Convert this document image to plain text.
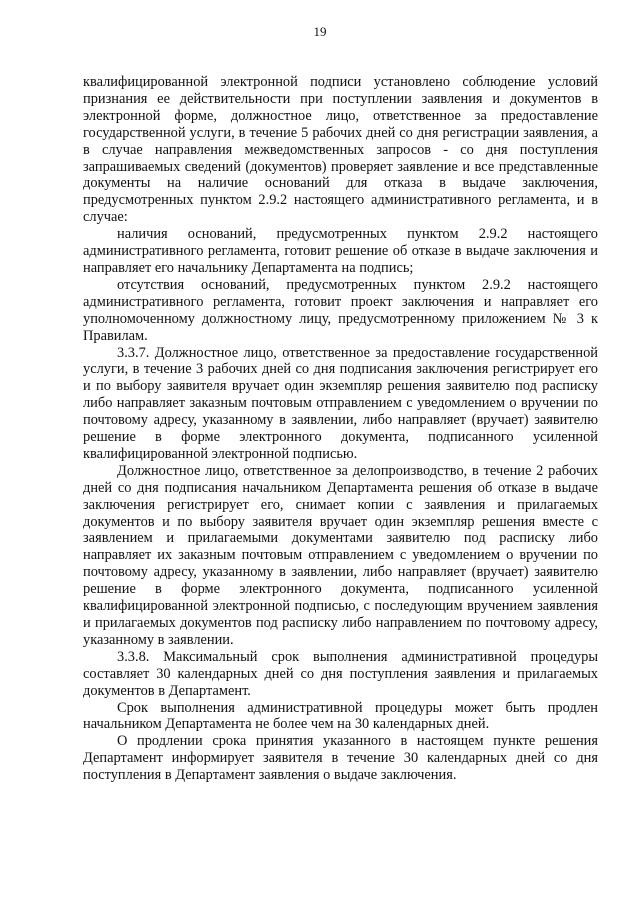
19

квалифицированной электронной подписи установлено соблюдение условий признания ее действительности при поступлении заявления и документов в электронной форме, должностное лицо, ответственное за предоставление государственной услуги, в течение 5 рабочих дней со дня регистрации заявления, а в случае направления межведомственных запросов - со дня поступления запрашиваемых сведений (документов) проверяет заявление и все представленные документы на наличие оснований для отказа в выдаче заключения, предусмотренных пунктом 2.9.2 настоящего административного регламента, и в случае:

наличия оснований, предусмотренных пунктом 2.9.2 настоящего административного регламента, готовит решение об отказе в выдаче заключения и направляет его начальнику Департамента на подпись;

отсутствия оснований, предусмотренных пунктом 2.9.2 настоящего административного регламента, готовит проект заключения и направляет его уполномоченному должностному лицу, предусмотренному приложением № 3 к Правилам.

3.3.7. Должностное лицо, ответственное за предоставление государственной услуги, в течение 3 рабочих дней со дня подписания заключения регистрирует его и по выбору заявителя вручает один экземпляр решения заявителю под расписку либо направляет заказным почтовым отправлением с уведомлением о вручении по почтовому адресу, указанному в заявлении, либо направляет (вручает) заявителю решение в форме электронного документа, подписанного усиленной квалифицированной электронной подписью.

Должностное лицо, ответственное за делопроизводство, в течение 2 рабочих дней со дня подписания начальником Департамента решения об отказе в выдаче заключения регистрирует его, снимает копии с заявления и прилагаемых документов и по выбору заявителя вручает один экземпляр решения вместе с заявлением и прилагаемыми документами заявителю под расписку либо направляет их заказным почтовым отправлением с уведомлением о вручении по почтовому адресу, указанному в заявлении, либо направляет (вручает) заявителю решение в форме электронного документа, подписанного усиленной квалифицированной электронной подписью, с последующим вручением заявления и прилагаемых документов под расписку либо направлением по почтовому адресу, указанному в заявлении.

3.3.8. Максимальный срок выполнения административной процедуры составляет 30 календарных дней со дня поступления заявления и прилагаемых документов в Департамент.

Срок выполнения административной процедуры может быть продлен начальником Департамента не более чем на 30 календарных дней.

О продлении срока принятия указанного в настоящем пункте решения Департамент информирует заявителя в течение 30 календарных дней со дня поступления в Департамент заявления о выдаче заключения.
